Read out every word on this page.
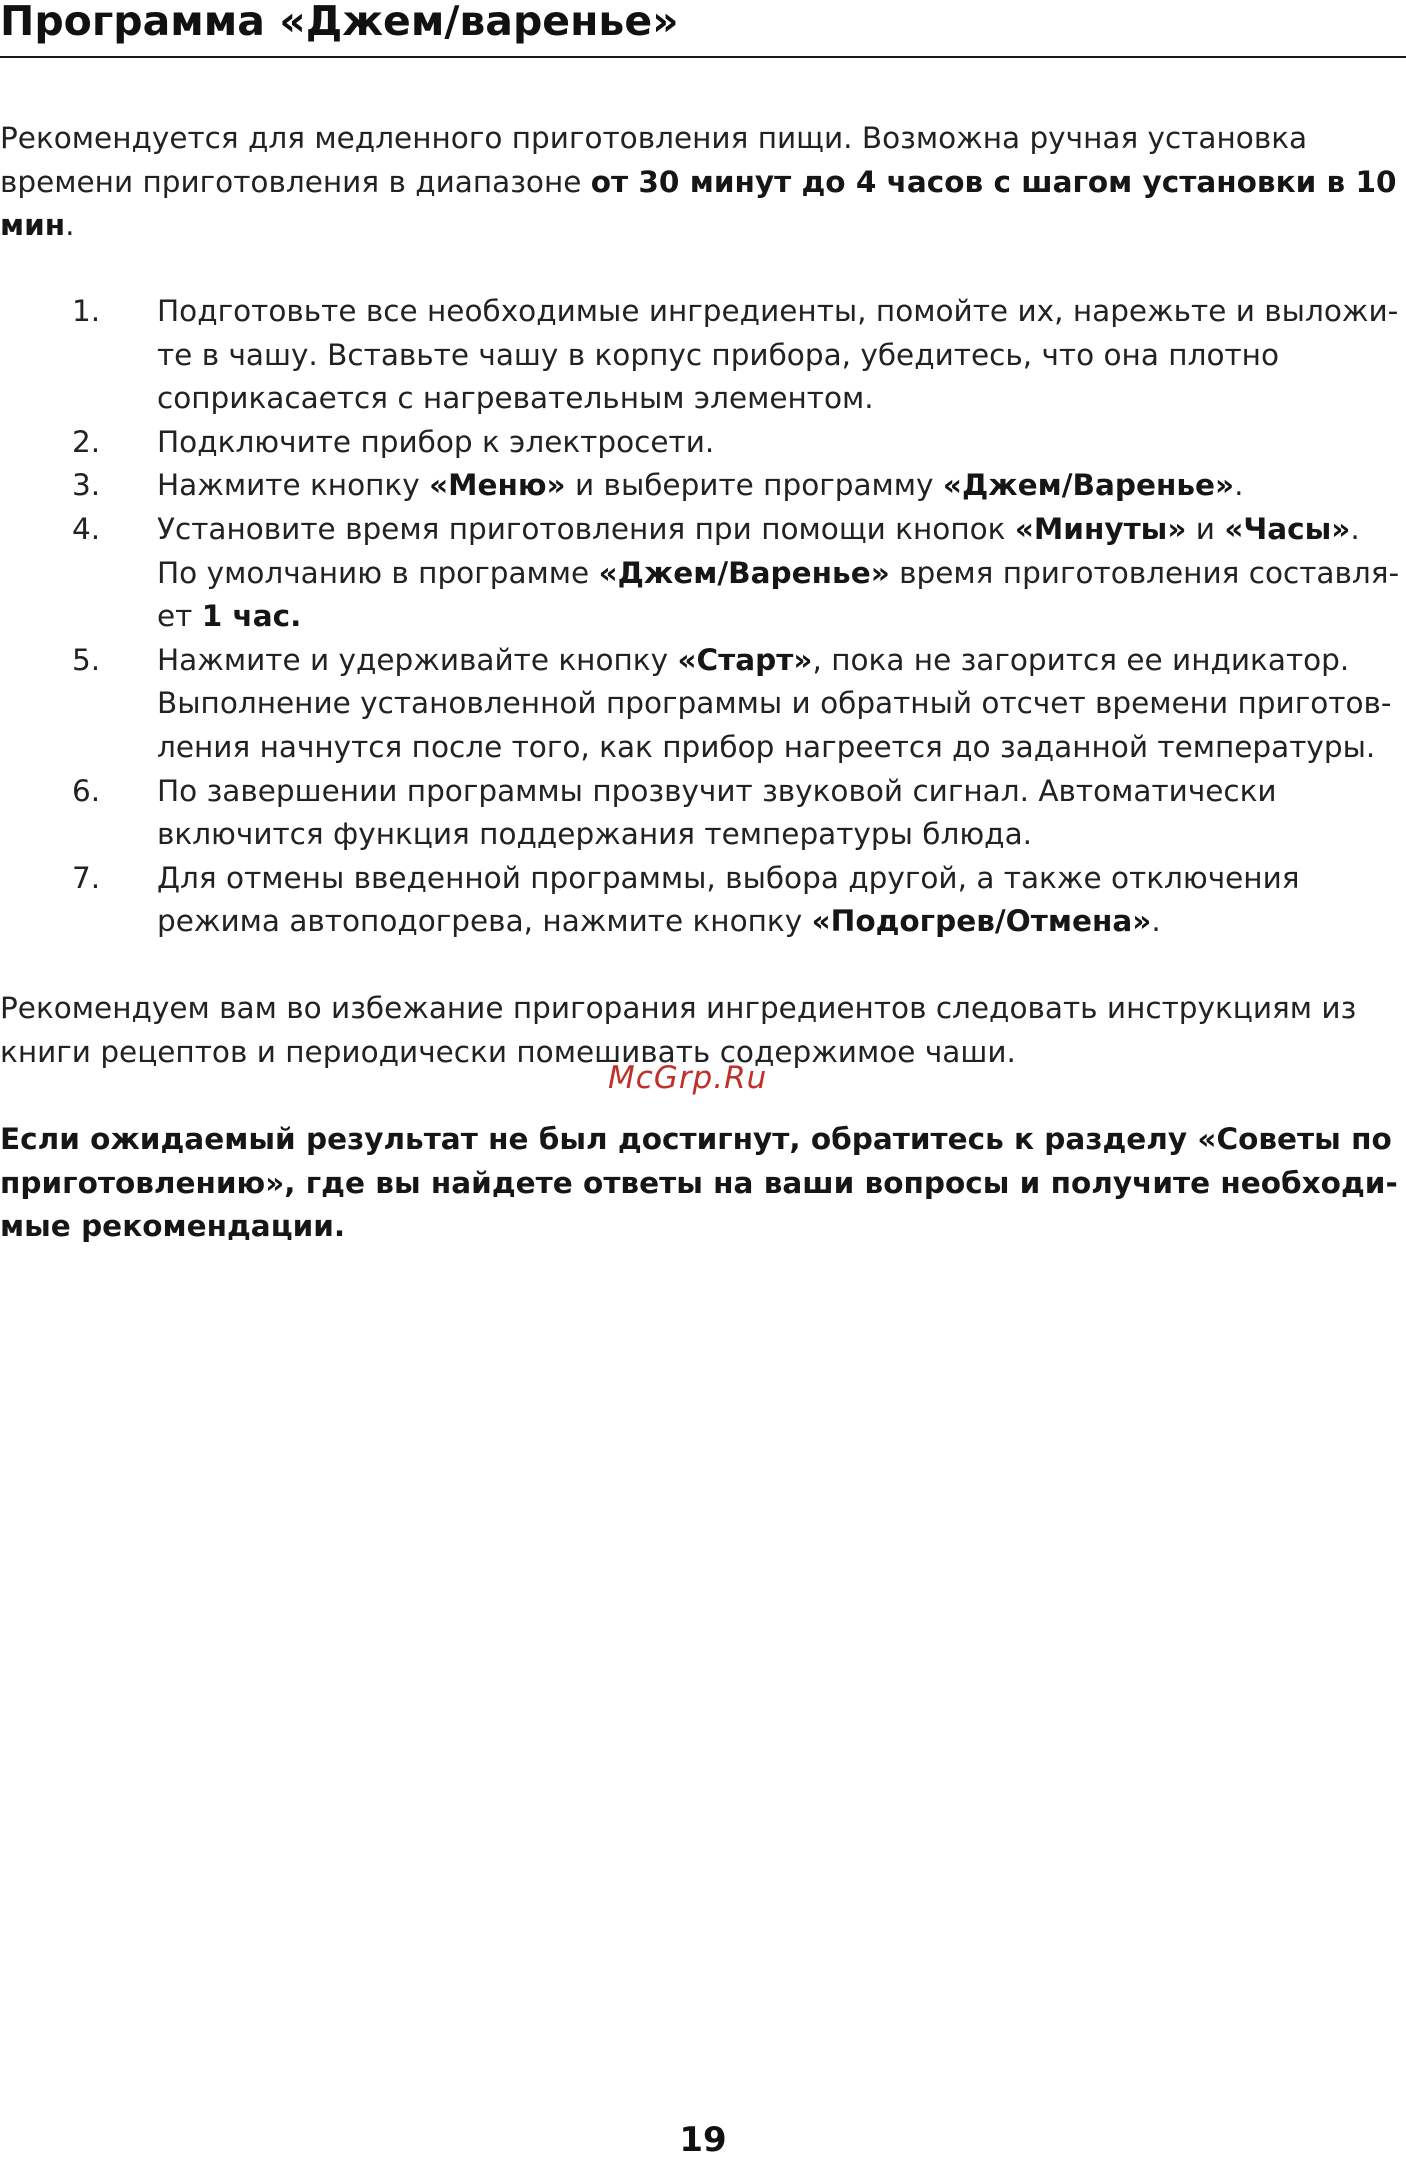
Программа «Джем/варенье»

Рекомендуется для медленного приготовления пищи. Возможна ручная установка времени приготовления в диапазоне от 30 минут до 4 часов с шагом установки в 10 мин.

1. Подготовьте все необходимые ингредиенты, помойте их, нарежьте и выложите в чашу. Вставьте чашу в корпус прибора, убедитесь, что она плотно соприкасается с нагревательным элементом.
2. Подключите прибор к электросети.
3. Нажмите кнопку «Меню» и выберите программу «Джем/Варенье».
4. Установите время приготовления при помощи кнопок «Минуты» и «Часы». По умолчанию в программе «Джем/Варенье» время приготовления составляет 1 час.
5. Нажмите и удерживайте кнопку «Старт», пока не загорится ее индикатор. Выполнение установленной программы и обратный отсчет времени приготовления начнутся после того, как прибор нагреется до заданной температуры.
6. По завершении программы прозвучит звуковой сигнал. Автоматически включится функция поддержания температуры блюда.
7. Для отмены введенной программы, выбора другой, а также отключения режима автоподогрева, нажмите кнопку «Подогрев/Отмена».

Рекомендуем вам во избежание пригорания ингредиентов следовать инструкциям из книги рецептов и периодически помешивать содержимое чаши.

McGrp.Ru

Если ожидаемый результат не был достигнут, обратитесь к разделу «Советы по приготовлению», где вы найдете ответы на ваши вопросы и получите необходимые рекомендации.

19
